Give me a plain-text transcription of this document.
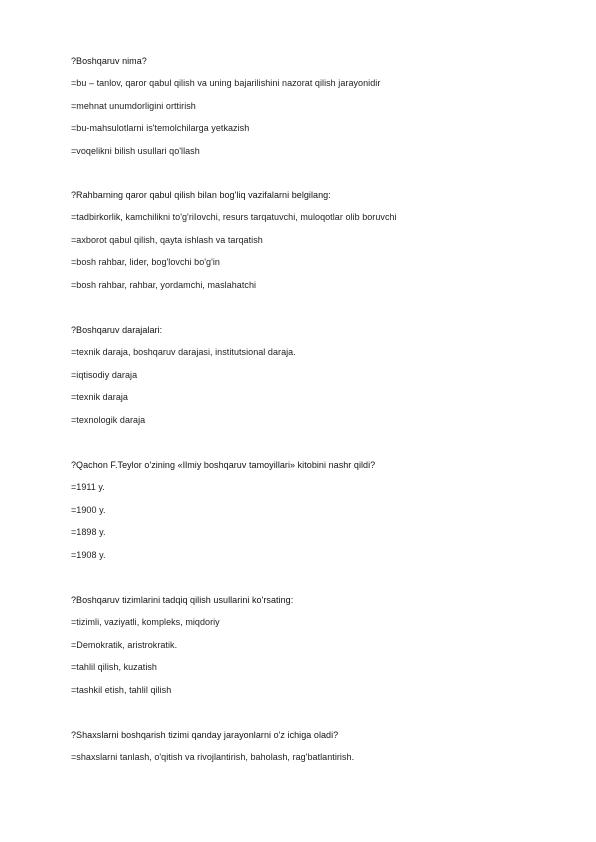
?Boshqaruv nima?
=bu – tanlov, qaror qabul qilish va uning bajarilishini nazorat qilish jarayonidir
=mehnat unumdorligini orttirish
=bu-mahsulotlarni is'temolchilarga yetkazish
=voqelikni bilish usullari qo'llash
?Rahbarning qaror qabul qilish bilan bog'liq vazifalarni belgilang:
=tadbirkorlik, kamchilikni to'g'riIovchi, resurs tarqatuvchi, muloqotlar olib boruvchi
=axborot qabul qilish, qayta ishlash va tarqatish
=bosh rahbar, lider, bog'lovchi bo'g'in
=bosh rahbar, rahbar, yordamchi, maslahatchi
?Boshqaruv darajalari:
=texnik daraja, boshqaruv darajasi, institutsional daraja.
=iqtisodiy daraja
=texnik daraja
=texnologik daraja
?Qachon F.Teylor o'zining «Ilmiy boshqaruv tamoyillari» kitobini nashr qildi?
=1911 y.
=1900 y.
=1898 y.
=1908 y.
?Boshqaruv tizimlarini tadqiq qilish usullarini ko'rsating:
=tizimli, vaziyatli, kompleks, miqdoriy
=Demokratik, aristrokratik.
=tahlil qilish, kuzatish
=tashkil etish, tahlil qilish
?Shaxslarni boshqarish tizimi qanday jarayonlarni o'z ichiga oladi?
=shaxslarni tanlash, o'qitish va rivojlantirish, baholash, rag'batlantirish.
